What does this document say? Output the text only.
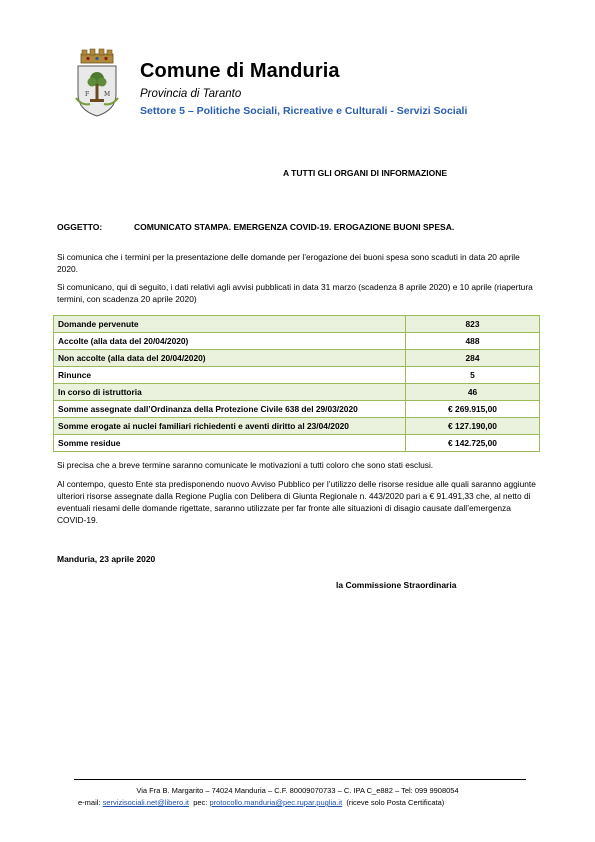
F M
Comune di Manduria
Provincia di Taranto
Settore 5 – Politiche Sociali, Ricreative e Culturali - Servizi Sociali
A TUTTI GLI ORGANI DI INFORMAZIONE
OGGETTO:	COMUNICATO STAMPA. EMERGENZA COVID-19. EROGAZIONE BUONI SPESA.

Si comunica che i termini per la presentazione delle domande per l’erogazione dei buoni spesa sono scaduti in data 20 aprile 2020.

Si comunicano, qui di seguito, i dati relativi agli avvisi pubblicati in data 31 marzo (scadenza 8 aprile 2020) e 10 aprile (riapertura termini, con scadenza 20 aprile 2020)

Domande pervenute	823
Accolte (alla data del 20/04/2020)	488
Non accolte (alla data del 20/04/2020)	284
Rinunce	5
In corso di istruttoria	46
Somme assegnate dall’Ordinanza della Protezione Civile 638 del 29/03/2020	€ 269.915,00
Somme erogate ai nuclei familiari richiedenti e aventi diritto al 23/04/2020	€ 127.190,00
Somme residue	€ 142.725,00

Si precisa che a breve termine saranno comunicate le motivazioni a tutti coloro che sono stati esclusi.

Al contempo, questo Ente sta predisponendo nuovo Avviso Pubblico per l’utilizzo delle risorse residue alle quali saranno aggiunte ulteriori risorse assegnate dalla Regione Puglia con Delibera di Giunta Regionale n. 443/2020 pari a € 91.491,33 che, al netto di eventuali riesami delle domande rigettate, saranno utilizzate per far fronte alle situazioni di disagio causate dall’emergenza COVID-19.

Manduria, 23 aprile 2020
la Commissione Straordinaria
Via Fra B. Margarito – 74024 Manduria – C.F. 80009070733 – C. IPA C_e882 – Tel: 099 9908054
e-mail: servizisociali.net@libero.it pec: protocollo.manduria@pec.rupar.puglia.it (riceve solo Posta Certificata)
